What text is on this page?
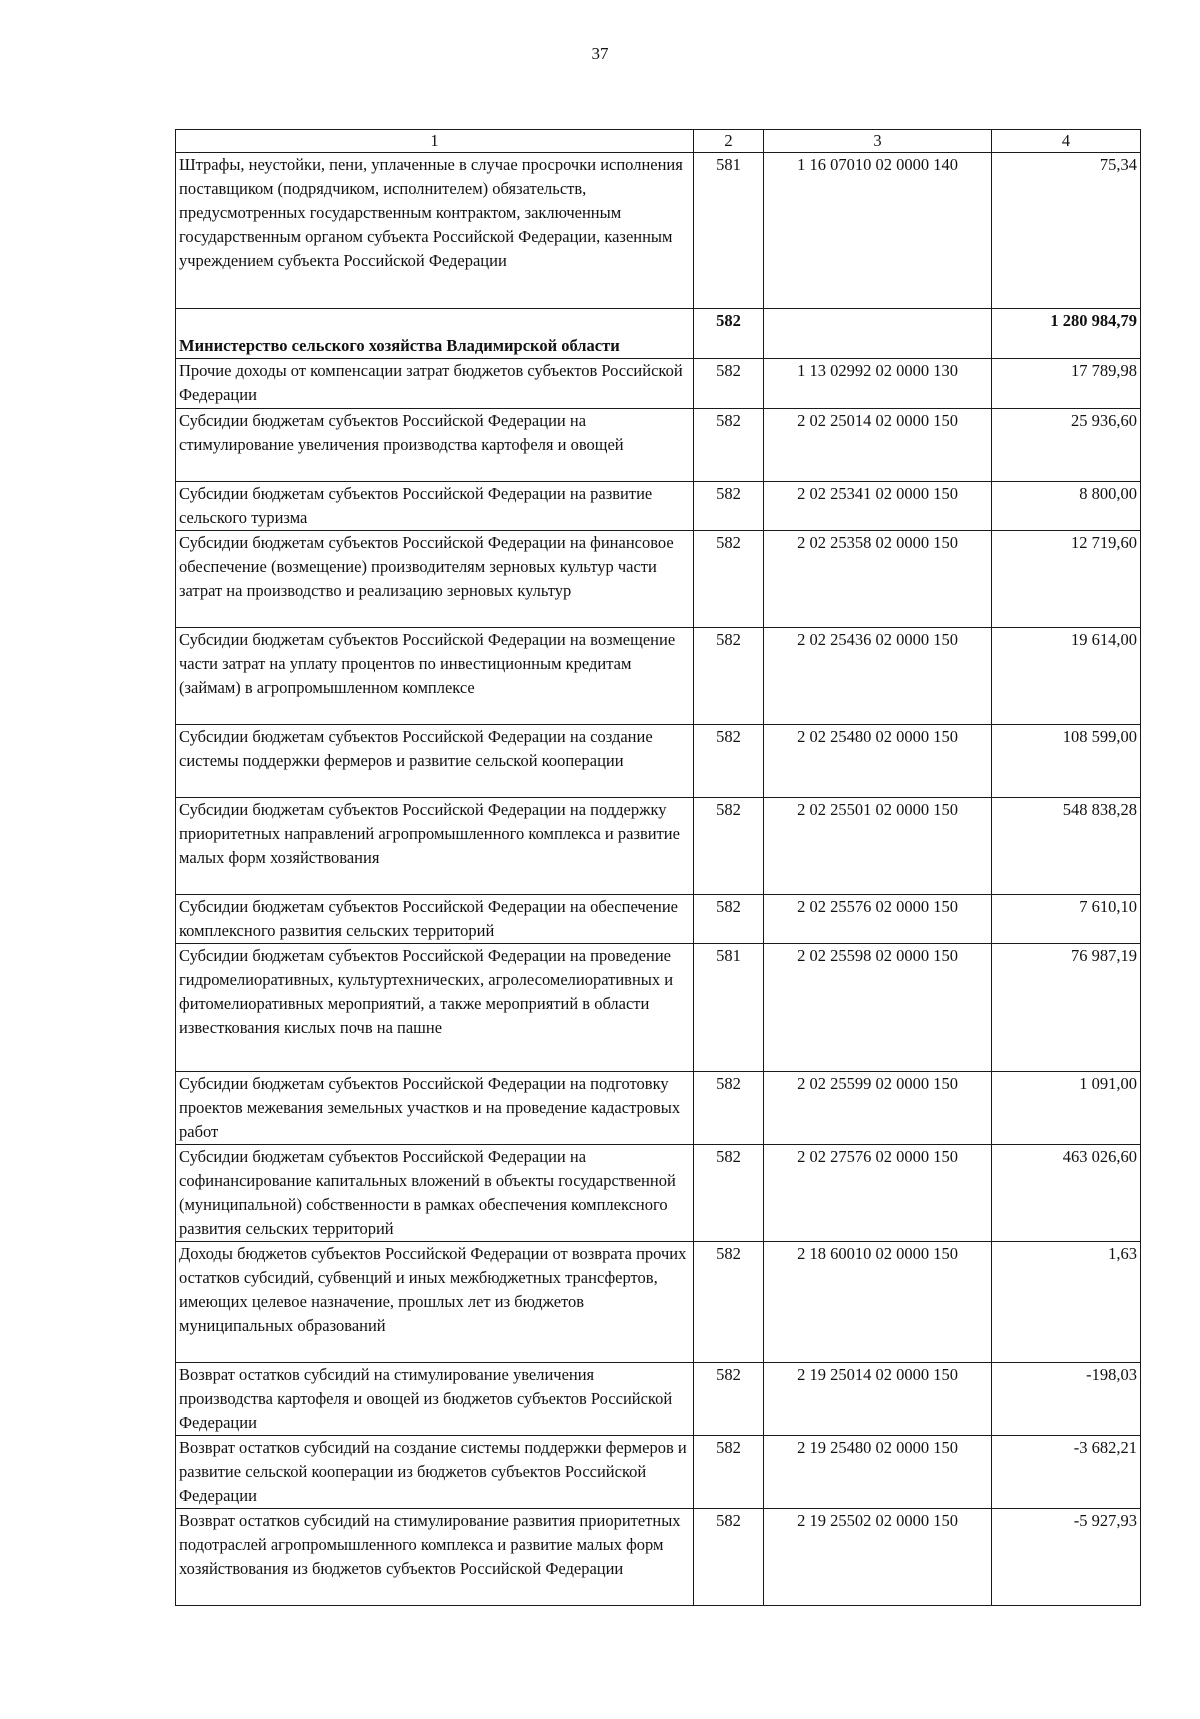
37
1	2	3	4
Штрафы, неустойки, пени, уплаченные в случае просрочки исполнения поставщиком (подрядчиком, исполнителем) обязательств, предусмотренных государственным контрактом, заключенным государственным органом субъекта Российской Федерации, казенным учреждением субъекта Российской Федерации	581	1 16 07010 02 0000 140	75,34
Министерство сельского хозяйства Владимирской области	582		1 280 984,79
Прочие доходы от компенсации затрат бюджетов субъектов Российской Федерации	582	1 13 02992 02 0000 130	17 789,98
Субсидии бюджетам субъектов Российской Федерации на стимулирование увеличения производства картофеля и овощей	582	2 02 25014 02 0000 150	25 936,60
Субсидии бюджетам субъектов Российской Федерации на развитие сельского туризма	582	2 02 25341 02 0000 150	8 800,00
Субсидии бюджетам субъектов Российской Федерации на финансовое обеспечение (возмещение) производителям зерновых культур части затрат на производство и реализацию зерновых культур	582	2 02 25358 02 0000 150	12 719,60
Субсидии бюджетам субъектов Российской Федерации на возмещение части затрат на уплату процентов по инвестиционным кредитам (займам) в агропромышленном комплексе	582	2 02 25436 02 0000 150	19 614,00
Субсидии бюджетам субъектов Российской Федерации на создание системы поддержки фермеров и развитие сельской кооперации	582	2 02 25480 02 0000 150	108 599,00
Субсидии бюджетам субъектов Российской Федерации на поддержку приоритетных направлений агропромышленного комплекса и развитие малых форм хозяйствования	582	2 02 25501 02 0000 150	548 838,28
Субсидии бюджетам субъектов Российской Федерации на обеспечение комплексного развития сельских территорий	582	2 02 25576 02 0000 150	7 610,10
Субсидии бюджетам субъектов Российской Федерации на проведение гидромелиоративных, культуртехнических, агролесомелиоративных и фитомелиоративных мероприятий, а также мероприятий в области известкования кислых почв на пашне	581	2 02 25598 02 0000 150	76 987,19
Субсидии бюджетам субъектов Российской Федерации на подготовку проектов межевания земельных участков и на проведение кадастровых работ	582	2 02 25599 02 0000 150	1 091,00
Субсидии бюджетам субъектов Российской Федерации на софинансирование капитальных вложений в объекты государственной (муниципальной) собственности в рамках обеспечения комплексного развития сельских территорий	582	2 02 27576 02 0000 150	463 026,60
Доходы бюджетов субъектов Российской Федерации от возврата прочих остатков субсидий, субвенций и иных межбюджетных трансфертов, имеющих целевое назначение, прошлых лет из бюджетов муниципальных образований	582	2 18 60010 02 0000 150	1,63
Возврат остатков субсидий на стимулирование увеличения производства картофеля и овощей из бюджетов субъектов Российской Федерации	582	2 19 25014 02 0000 150	-198,03
Возврат остатков субсидий на создание системы поддержки фермеров и развитие сельской кооперации из бюджетов субъектов Российской Федерации	582	2 19 25480 02 0000 150	-3 682,21
Возврат остатков субсидий на стимулирование развития приоритетных подотраслей агропромышленного комплекса и развитие малых форм хозяйствования из бюджетов субъектов Российской Федерации	582	2 19 25502 02 0000 150	-5 927,93
